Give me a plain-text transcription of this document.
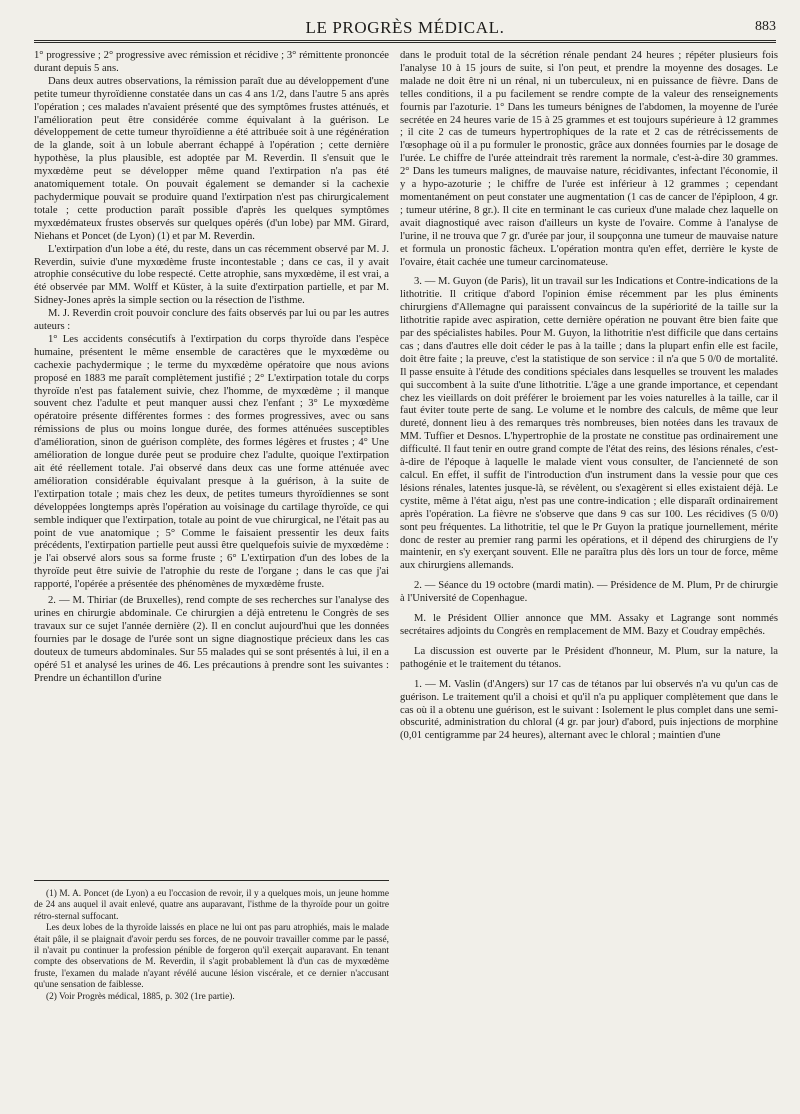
LE PROGRÈS MÉDICAL.	883

1° progressive ; 2° progressive avec rémission et récidive ; 3° rémittente prononcée durant depuis 5 ans.

Dans deux autres observations, la rémission paraît due au développement d'une petite tumeur thyroïdienne constatée dans un cas 4 ans 1/2, dans l'autre 5 ans après l'opération ; ces malades n'avaient présenté que des symptômes frustes atténués, et l'amélioration peut être considérée comme équivalant à la guérison. Le développement de cette tumeur thyroïdienne a été attribuée soit à une régénération de la glande, soit à un lobule aberrant échappé à l'opération ; cette dernière hypothèse, la plus plausible, est adoptée par M. Reverdin. Il s'ensuit que le myxœdème peut se développer même quand l'extirpation n'a pas été anatomiquement totale. On pouvait également se demander si la cachexie pachydermique pouvait se produire quand l'extirpation n'est pas chirurgicalement totale ; cette production paraît possible d'après les quelques symptômes myxœdémateux frustes observés sur quelques opérés (d'un lobe) par MM. Girard, Niehans et Poncet (de Lyon) (1) et par M. Reverdin.

L'extirpation d'un lobe a été, du reste, dans un cas récemment observé par M. J. Reverdin, suivie d'une myxœdème fruste incontestable ; dans ce cas, il y avait atrophie consécutive du lobe respecté. Cette atrophie, sans myxœdème, il est vrai, a été observée par MM. Wolff et Küster, à la suite d'extirpation partielle, et par M. Sidney-Jones après la simple section ou la résection de l'isthme.

M. J. Reverdin croit pouvoir conclure des faits observés par lui ou par les autres auteurs :

1° Les accidents consécutifs à l'extirpation du corps thyroïde dans l'espèce humaine, présentent le même ensemble de caractères que le myxœdème ou cachexie pachydermique ; le terme du myxœdème opératoire que nous avions proposé en 1883 me paraît complètement justifié ; 2° L'extirpation totale du corps thyroïde n'est pas fatalement suivie, chez l'homme, de myxœdème ; il manque souvent chez l'adulte et peut manquer aussi chez l'enfant ; 3° Le myxœdème opératoire présente différentes formes : des formes progressives, avec ou sans rémissions de plus ou moins longue durée, des formes atténuées susceptibles d'amélioration, sinon de guérison complète, des formes légères et frustes ; 4° Une amélioration de longue durée peut se produire chez l'adulte, quoique l'extirpation ait été réellement totale. J'ai observé dans deux cas une forme atténuée avec amélioration considérable équivalant presque à la guérison, à la suite de l'extirpation totale ; mais chez les deux, de petites tumeurs thyroïdiennes se sont développées longtemps après l'opération au voisinage du cartilage thyroïde, ce qui semble indiquer que l'extirpation, totale au point de vue chirurgical, ne l'était pas au point de vue anatomique ; 5° Comme le faisaient pressentir les deux faits précédents, l'extirpation partielle peut aussi être quelquefois suivie de myxœdème : je l'ai observé alors sous sa forme fruste ; 6° L'extirpation d'un des lobes de la thyroïde peut être suivie de l'atrophie du reste de l'organe ; dans le cas que j'ai rapporté, l'opérée a présentée des phénomènes de myxœdème fruste.

2. — M. Thiriar (de Bruxelles), rend compte de ses recherches sur l'analyse des urines en chirurgie abdominale. Ce chirurgien a déjà entretenu le Congrès de ses travaux sur ce sujet l'année dernière (2). Il en conclut aujourd'hui que les données fournies par le dosage de l'urée sont un signe diagnostique précieux dans les cas douteux de tumeurs abdominales. Sur 55 malades qui se sont présentés à lui, il en a opéré 51 et analysé les urines de 46. Les précautions à prendre sont les suivantes : Prendre un échantillon d'urine

(1) M. A. Poncet (de Lyon) a eu l'occasion de revoir, il y a quelques mois, un jeune homme de 24 ans auquel il avait enlevé, quatre ans auparavant, l'isthme de la thyroïde pour un goitre rétro-sternal suffocant.

Les deux lobes de la thyroïde laissés en place ne lui ont pas paru atrophiés, mais le malade était pâle, il se plaignait d'avoir perdu ses forces, de ne pouvoir travailler comme par le passé, il n'avait pu continuer la profession pénible de forgeron qu'il exerçait auparavant. En tenant compte des observations de M. Reverdin, il s'agit probablement là d'un cas de myxœdème fruste, l'examen du malade n'ayant révélé aucune lésion viscérale, et ce dernier n'accusant qu'une sensation de faiblesse.

(2) Voir Progrès médical, 1885, p. 302 (1re partie).

dans le produit total de la sécrétion rénale pendant 24 heures ; répéter plusieurs fois l'analyse 10 à 15 jours de suite, si l'on peut, et prendre la moyenne des dosages. Le malade ne doit être ni un rénal, ni un tuberculeux, ni en puissance de fièvre. Dans de telles conditions, il a pu facilement se rendre compte de la valeur des renseignements fournis par l'azoturie. 1° Dans les tumeurs bénignes de l'abdomen, la moyenne de l'urée secrétée en 24 heures varie de 15 à 25 grammes et est toujours supérieure à 12 grammes ; il cite 2 cas de tumeurs hypertrophiques de la rate et 2 cas de rétrécissements de l'œsophage où il a pu formuler le pronostic, grâce aux données fournies par le dosage de l'urée. Le chiffre de l'urée atteindrait très rarement la normale, c'est-à-dire 30 grammes. 2° Dans les tumeurs malignes, de mauvaise nature, récidivantes, infectant l'économie, il y a hypo-azoturie ; le chiffre de l'urée est inférieur à 12 grammes ; cependant momentanément on peut constater une augmentation (1 cas de cancer de l'épiploon, 4 gr. ; tumeur utérine, 8 gr.). Il cite en terminant le cas curieux d'une malade chez laquelle on avait diagnostiqué avec raison d'ailleurs un kyste de l'ovaire. Comme à l'analyse de l'urine, il ne trouva que 7 gr. d'urée par jour, il soupçonna une tumeur de mauvaise nature et formula un pronostic fâcheux. L'opération montra qu'en effet, derrière le kyste de l'ovaire, était cachée une tumeur carcinomateuse.

3. — M. Guyon (de Paris), lit un travail sur les Indications et Contre-indications de la lithotritie. Il critique d'abord l'opinion émise récemment par les plus éminents chirurgiens d'Allemagne qui paraissent convaincus de la supériorité de la taille sur la lithotritie rapide avec aspiration, cette dernière opération ne pouvant être bien faite que par des spécialistes habiles. Pour M. Guyon, la lithotritie n'est difficile que dans certains cas ; dans d'autres elle doit céder le pas à la taille ; dans la plupart enfin elle est facile, doit être faite ; la preuve, c'est la statistique de son service : il n'a que 5 0/0 de mortalité. Il passe ensuite à l'étude des conditions spéciales dans lesquelles se trouvent les malades qui succombent à la suite d'une lithotritie. L'âge a une grande importance, et cependant chez les vieillards on doit préférer le broiement par les voies naturelles à la taille, car il faut éviter toute perte de sang. Le volume et le nombre des calculs, de même que leur dureté, donnent lieu à des remarques très nombreuses, bien notées dans les travaux de MM. Tuffier et Desnos. L'hypertrophie de la prostate ne constitue pas ordinairement une difficulté. Il faut tenir en outre grand compte de l'état des reins, des lésions rénales, c'est-à-dire de l'époque à laquelle le malade vient vous consulter, de l'ancienneté de son calcul. En effet, il suffit de l'introduction d'un instrument dans la vessie pour que ces lésions rénales, latentes jusque-là, se révèlent, ou s'exagèrent si elles existaient déjà. Le cystite, même à l'état aigu, n'est pas une contre-indication ; elle disparaît ordinairement après l'opération. La fièvre ne s'observe que dans 9 cas sur 100. Les récidives (5 0/0) sont peu fréquentes. La lithotritie, tel que le Pr Guyon la pratique journellement, mérite donc de rester au premier rang parmi les opérations, et il dépend des chirurgiens de l'y maintenir, en s'y exerçant souvent. Elle ne paraîtra plus dès lors un tour de force, même aux chirurgiens allemands.

2. — Séance du 19 octobre (mardi matin). — Présidence de M. Plum, Pr de chirurgie à l'Université de Copenhague.

M. le Président Ollier annonce que MM. Assaky et Lagrange sont nommés secrétaires adjoints du Congrès en remplacement de MM. Bazy et Coudray empêchés.

La discussion est ouverte par le Président d'honneur, M. Plum, sur la nature, la pathogénie et le traitement du tétanos.

1. — M. Vaslin (d'Angers) sur 17 cas de tétanos par lui observés n'a vu qu'un cas de guérison. Le traitement qu'il a choisi et qu'il n'a pu appliquer complètement que dans le cas où il a obtenu une guérison, est le suivant : Isolement le plus complet dans une semi-obscurité, administration du chloral (4 gr. par jour) d'abord, puis injections de morphine (0,01 centigramme par 24 heures), alternant avec le chloral ; maintien d'une
